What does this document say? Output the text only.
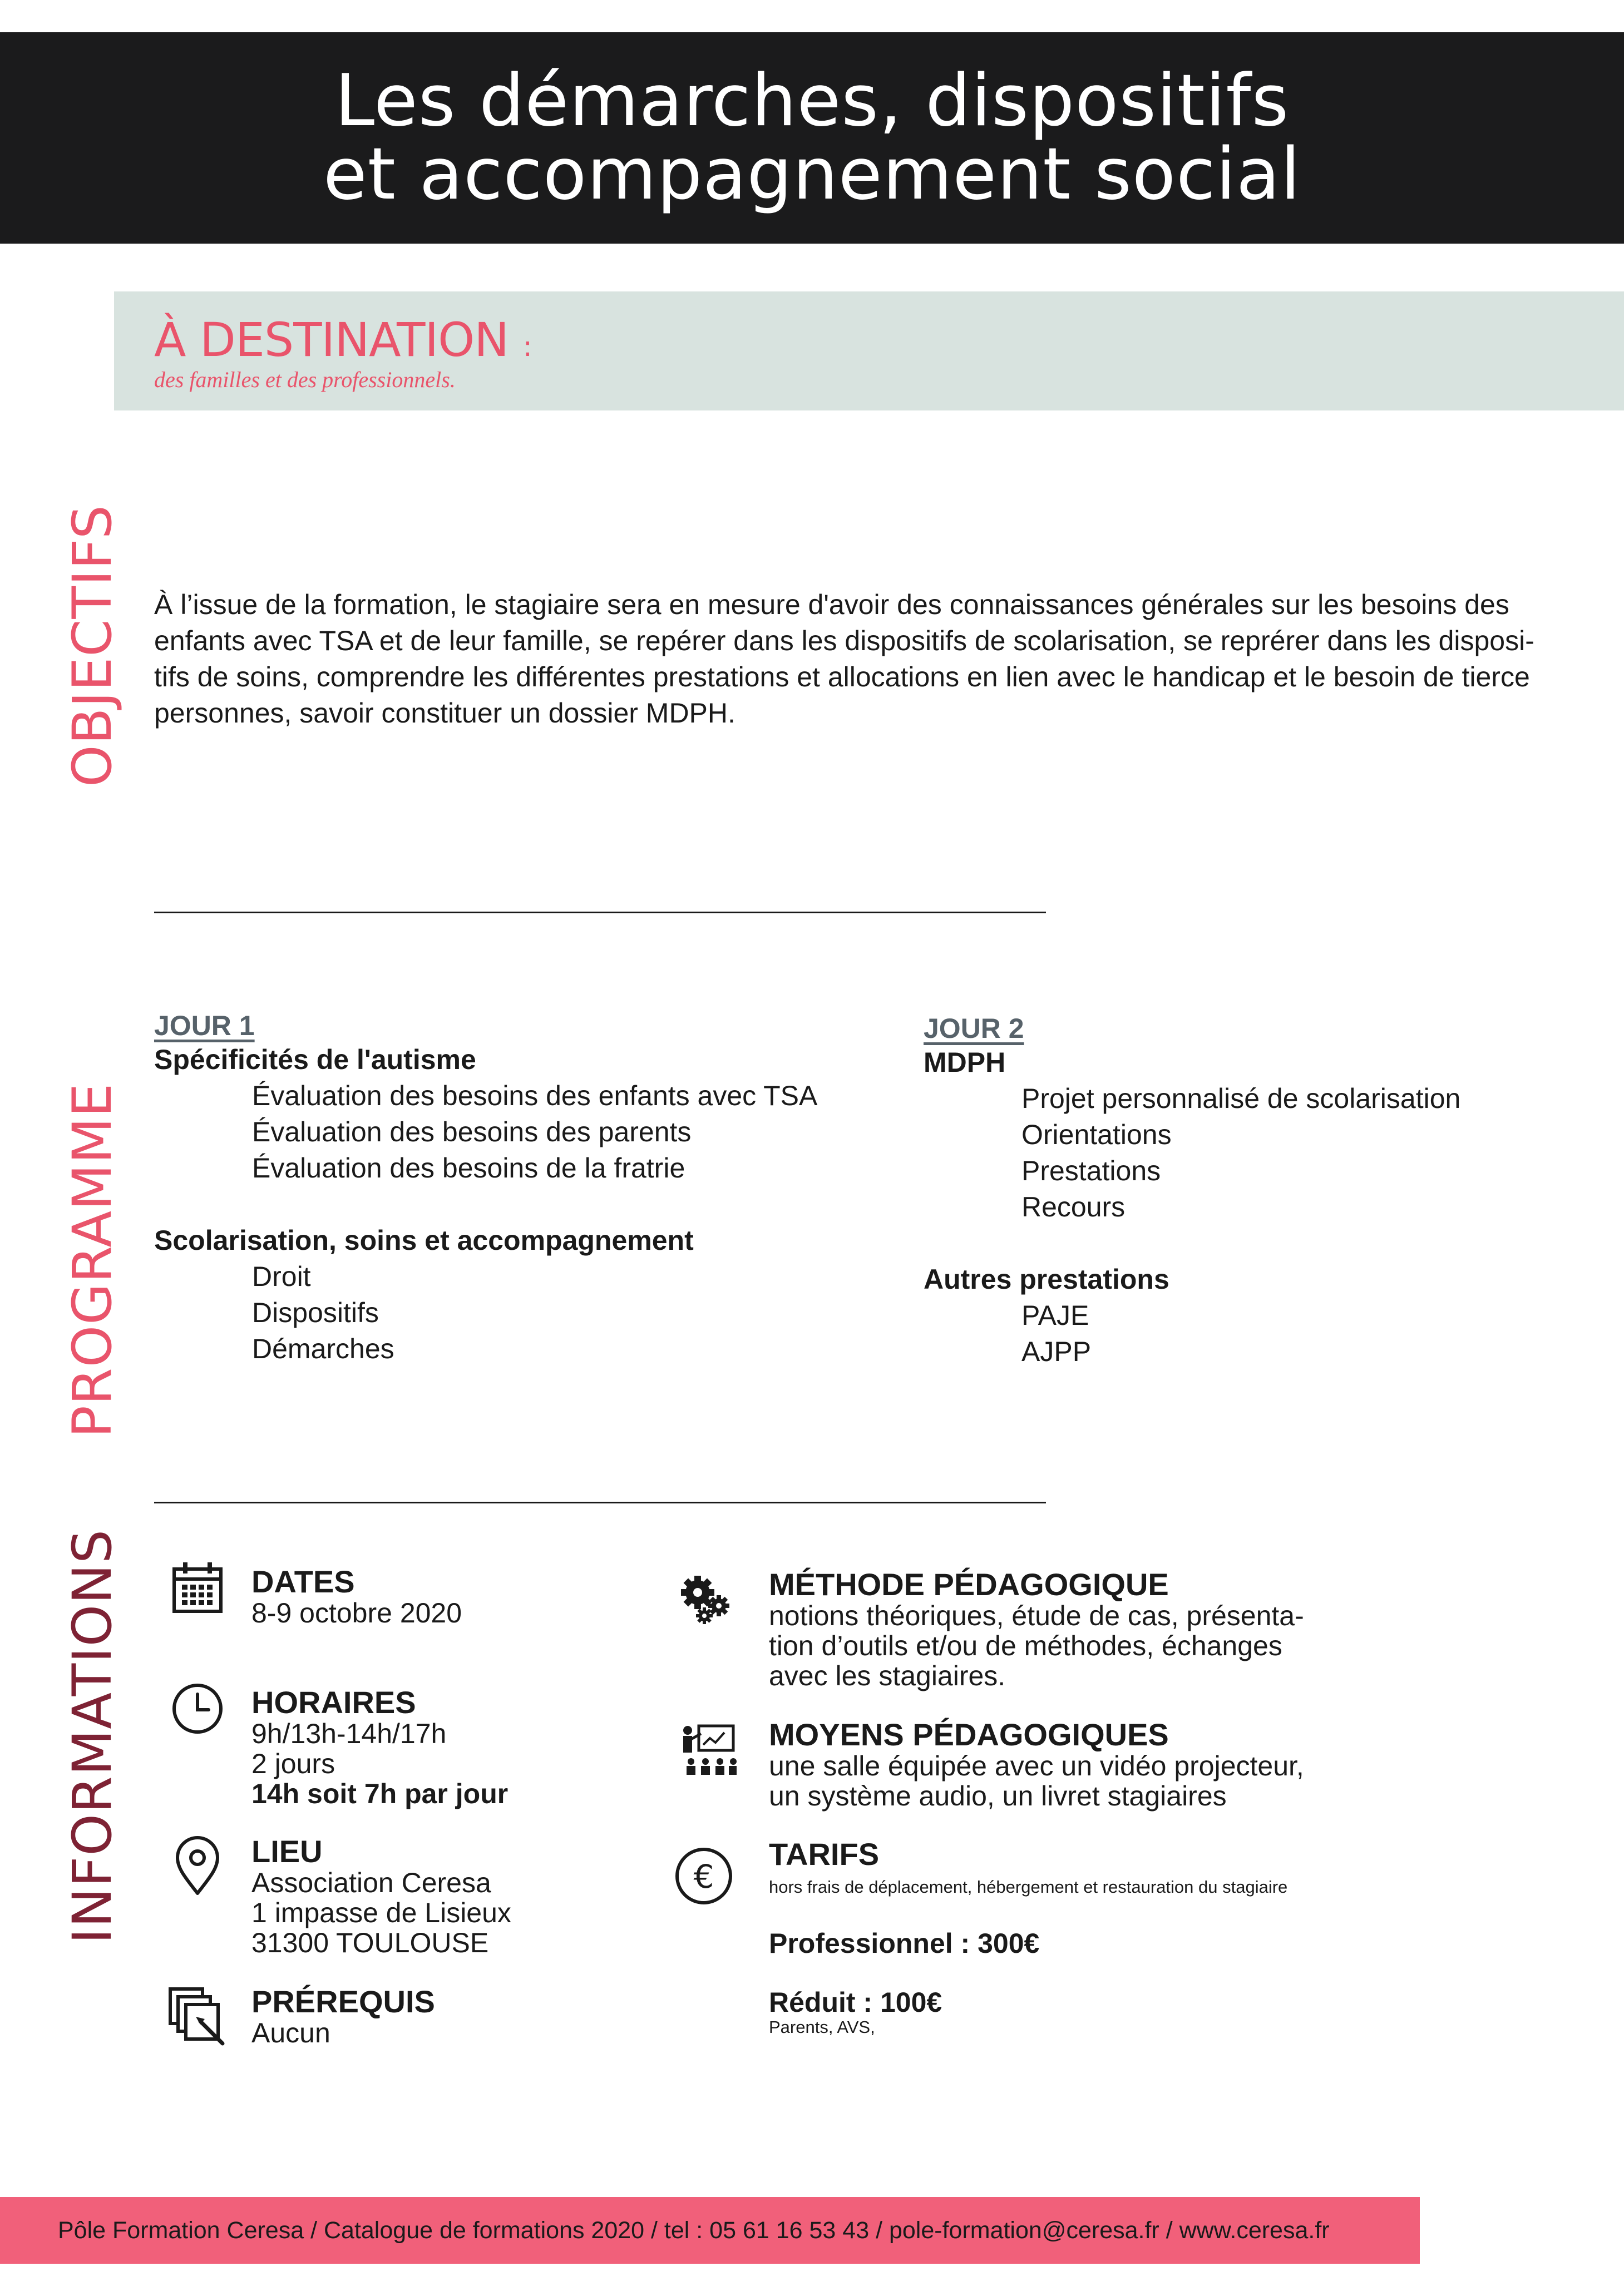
Les démarches, dispositifs
et accompagnement social
À DESTINATION :
des familles et des professionnels.
OBJECTIFS
PROGRAMME
INFORMATIONS
À l’issue de la formation, le stagiaire sera en mesure d'avoir des connaissances générales sur les besoins des
enfants avec TSA et de leur famille, se repérer dans les dispositifs de scolarisation, se reprérer dans les disposi-
tifs de soins, comprendre les différentes prestations et allocations en lien avec le handicap et le besoin de tierce
personnes, savoir constituer un dossier MDPH.
JOUR 1
Spécificités de l'autisme
Évaluation des besoins des enfants avec TSA
Évaluation des besoins des parents
Évaluation des besoins de la fratrie
Scolarisation, soins et accompagnement
Droit
Dispositifs
Démarches
JOUR 2
MDPH
Projet personnalisé de scolarisation
Orientations
Prestations
Recours
Autres prestations
PAJE
AJPP
DATES
8-9 octobre 2020
HORAIRES
9h/13h-14h/17h
2 jours
14h soit 7h par jour
LIEU
Association Ceresa
1 impasse de Lisieux
31300 TOULOUSE
PRÉREQUIS
Aucun
MÉTHODE PÉDAGOGIQUE
notions théoriques, étude de cas, présenta-
tion d’outils et/ou de méthodes, échanges
avec les stagiaires.
MOYENS PÉDAGOGIQUES
une salle équipée avec un vidéo projecteur,
un système audio, un livret stagiaires
€
TARIFS
hors frais de déplacement, hébergement et restauration du stagiaire
Professionnel : 300€
Réduit : 100€
Parents, AVS,
Pôle Formation Ceresa / Catalogue de formations 2020 / tel : 05 61 16 53 43 / pole-formation@ceresa.fr / www.ceresa.fr
